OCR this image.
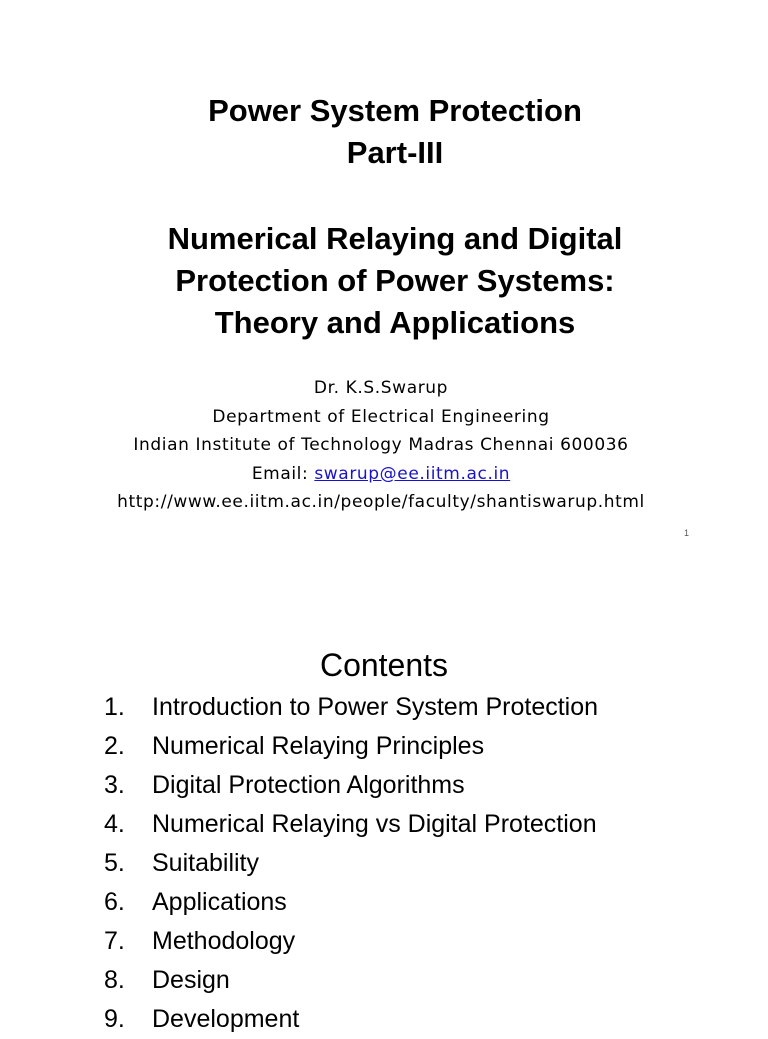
Power System Protection
Part-III
Numerical Relaying and Digital
Protection of Power Systems:
Theory and Applications
Dr. K.S.Swarup
Department of Electrical Engineering
Indian Institute of Technology Madras Chennai 600036
Email: swarup@ee.iitm.ac.in
http://www.ee.iitm.ac.in/people/faculty/shantiswarup.html
1
Contents
1. Introduction to Power System Protection
2. Numerical Relaying Principles
3. Digital Protection Algorithms
4. Numerical Relaying vs Digital Protection
5. Suitability
6. Applications
7. Methodology
8. Design
9. Development
